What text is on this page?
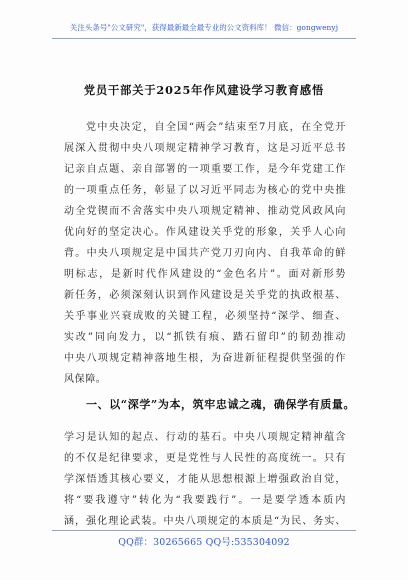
关注头条号"公文研究"，获得最新最全最专业的公文资料库！ 微信：gongwenyj
党员干部关于2025年作风建设学习教育感悟
党中央决定，自全国“两会”结束至7月底，在全党开
展深入贯彻中央八项规定精神学习教育，这是习近平总书
记亲自点题、亲自部署的一项重要工作，是今年党建工作
的一项重点任务，彰显了以习近平同志为核心的党中央推
动全党锲而不舍落实中央八项规定精神、推动党风政风向
优向好的坚定决心。作风建设关乎党的形象，关乎人心向
背。中央八项规定是中国共产党刀刃向内、自我革命的鲜
明标志，是新时代作风建设的“金色名片”。面对新形势
新任务，必须深刻认识到作风建设是关乎党的执政根基、
关乎事业兴衰成败的关键工程，必须坚持“深学、细查、
实改”同向发力，以“抓铁有痕、踏石留印”的韧劲推动
中央八项规定精神落地生根，为奋进新征程提供坚强的作
风保障。
一、以“深学”为本，筑牢忠诚之魂，确保学有质量。
学习是认知的起点、行动的基石。中央八项规定精神蕴含
的不仅是纪律要求，更是党性与人民性的高度统一。只有
学深悟透其核心要义，才能从思想根源上增强政治自觉，
将“要我遵守”转化为“我要践行”。一是要学透本质内
涵，强化理论武装。中央八项规定的本质是“为民、务实、
QQ群：30265665 QQ号:535304092
